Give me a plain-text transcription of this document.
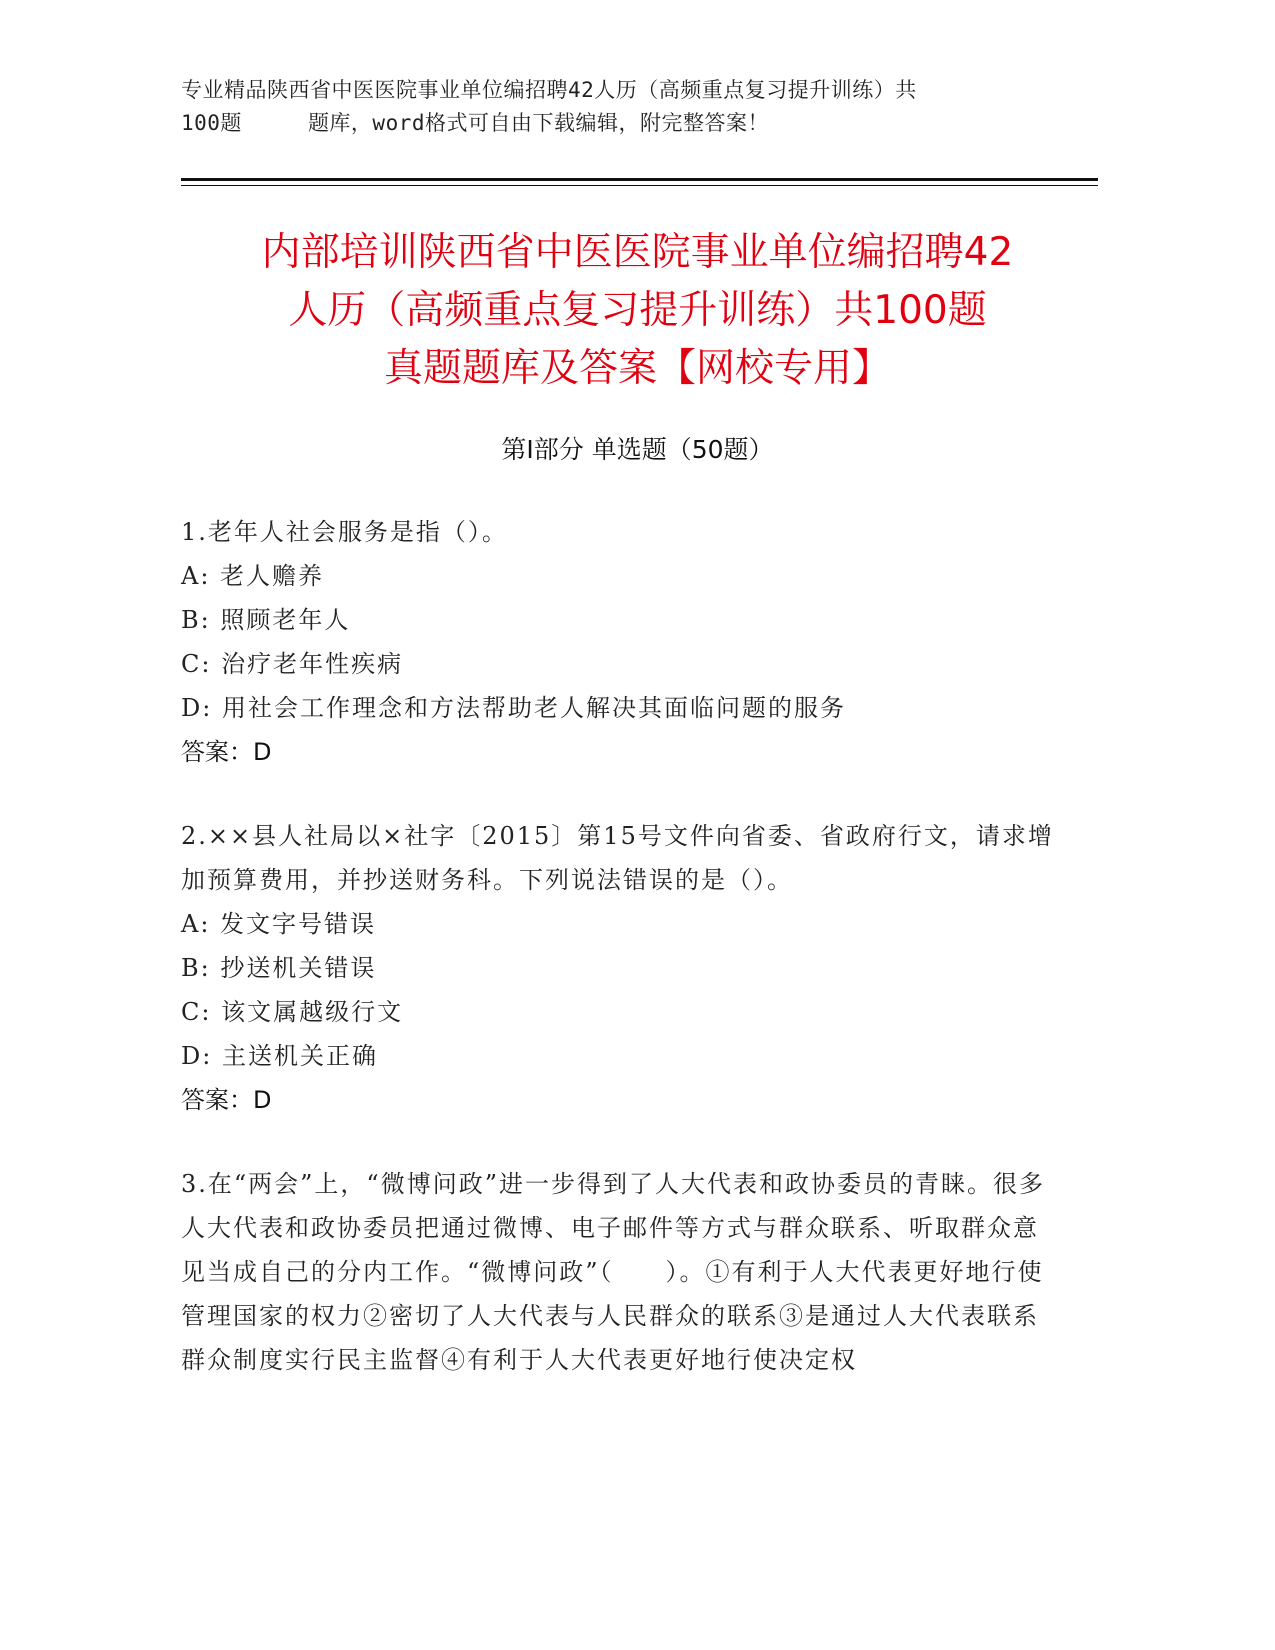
专业精品陕西省中医医院事业单位编招聘42人历（高频重点复习提升训练）共
100题	题库，word格式可自由下载编辑，附完整答案！
内部培训陕西省中医医院事业单位编招聘42
人历（高频重点复习提升训练）共100题
真题题库及答案【网校专用】
第Ⅰ部分 单选题（50题）
1.老年人社会服务是指（）。
A: 老人赡养
B: 照顾老年人
C: 治疗老年性疾病
D: 用社会工作理念和方法帮助老人解决其面临问题的服务
答案：D
2.××县人社局以×社字〔2015〕第15号文件向省委、省政府行文，请求增加预算费用，并抄送财务科。下列说法错误的是（）。
A: 发文字号错误
B: 抄送机关错误
C: 该文属越级行文
D: 主送机关正确
答案：D
3.在“两会”上，“微博问政”进一步得到了人大代表和政协委员的青睐。很多人大代表和政协委员把通过微博、电子邮件等方式与群众联系、听取群众意见当成自己的分内工作。“微博问政”（　　）。①有利于人大代表更好地行使管理国家的权力②密切了人大代表与人民群众的联系③是通过人大代表联系群众制度实行民主监督④有利于人大代表更好地行使决定权
